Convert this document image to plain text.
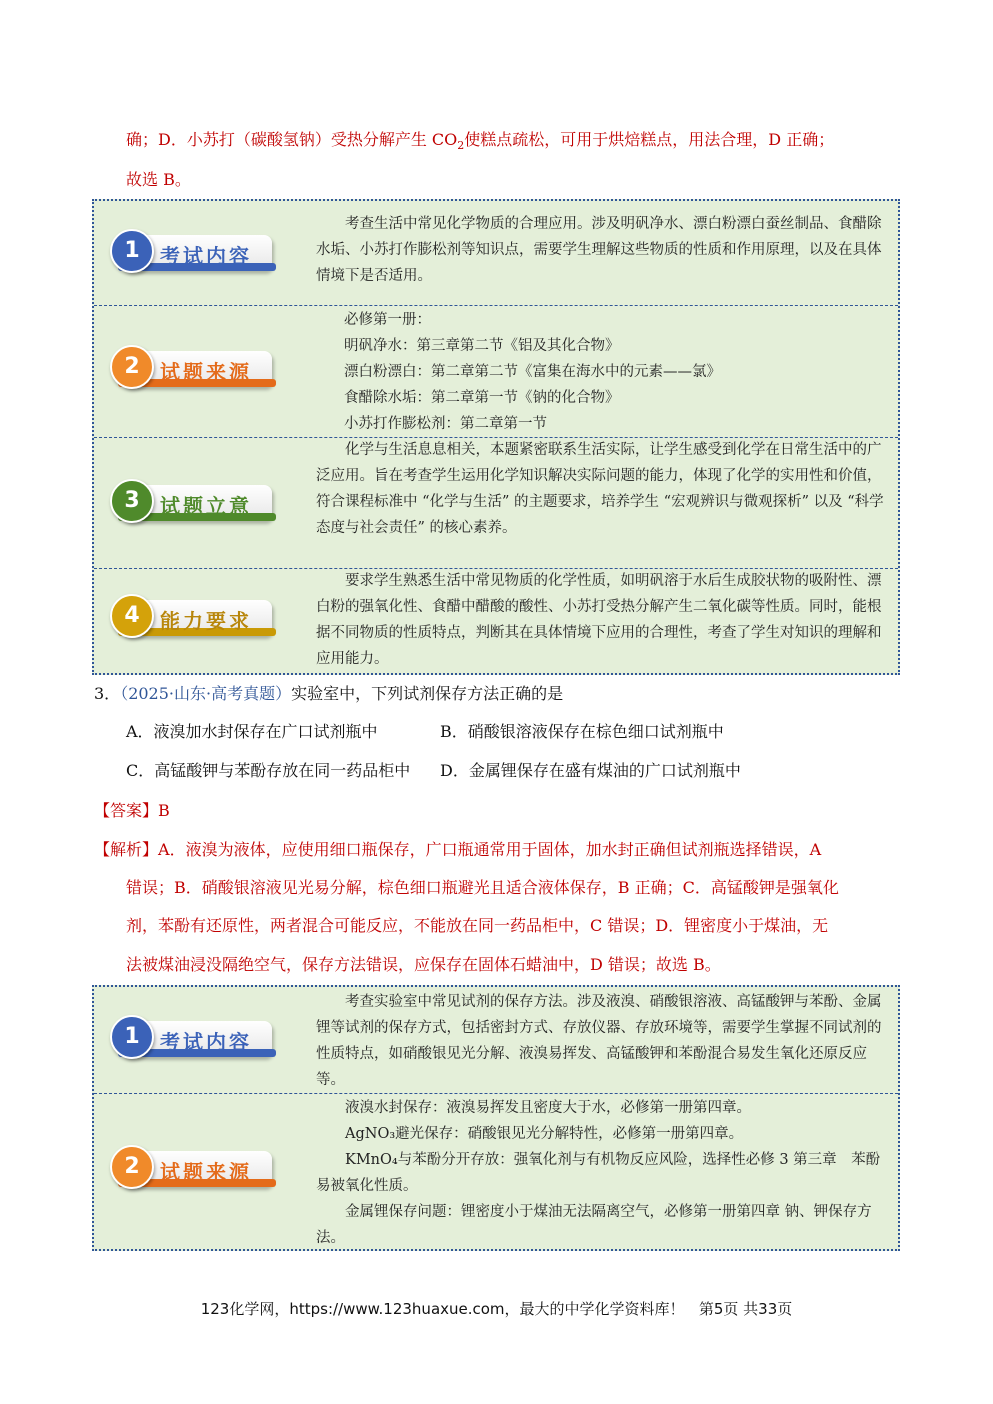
确；D．小苏打（碳酸氢钠）受热分解产生 $CO_2$使糕点疏松，可用于烘焙糕点，用法合理，D 正确；
故选 B。
1	考试内容

考查生活中常见化学物质的合理应用。涉及明矾净水、漂白粉漂白蚕丝制品、食醋除水垢、小苏打作膨松剂等知识点，需要学生理解这些物质的性质和作用原理，以及在具体情境下是否适用。

2	试题来源

必修第一册：

明矾净水：第三章第二节《铝及其化合物》

漂白粉漂白：第二章第二节《富集在海水中的元素——氯》

食醋除水垢：第二章第一节《钠的化合物》

小苏打作膨松剂：第二章第一节

3	试题立意

化学与生活息息相关，本题紧密联系生活实际，让学生感受到化学在日常生活中的广泛应用。旨在考查学生运用化学知识解决实际问题的能力，体现了化学的实用性和价值，符合课程标准中 “化学与生活” 的主题要求，培养学生 “宏观辨识与微观探析” 以及 “科学态度与社会责任” 的核心素养。

4	能力要求

要求学生熟悉生活中常见物质的化学性质，如明矾溶于水后生成胶状物的吸附性、漂白粉的强氧化性、食醋中醋酸的酸性、小苏打受热分解产生二氧化碳等性质。同时，能根据不同物质的性质特点，判断其在具体情境下应用的合理性，考查了学生对知识的理解和应用能力。

3．（2025·山东·高考真题）实验室中，下列试剂保存方法正确的是
A．液溴加水封保存在广口试剂瓶中	B．硝酸银溶液保存在棕色细口试剂瓶中
C．高锰酸钾与苯酚存放在同一药品柜中 D．金属锂保存在盛有煤油的广口试剂瓶中
【答案】B
【解析】A．液溴为液体，应使用细口瓶保存，广口瓶通常用于固体，加水封正确但试剂瓶选择错误，A
错误；B．硝酸银溶液见光易分解，棕色细口瓶避光且适合液体保存，B 正确；C．高锰酸钾是强氧化
剂，苯酚有还原性，两者混合可能反应，不能放在同一药品柜中，C 错误；D．锂密度小于煤油，无
法被煤油浸没隔绝空气，保存方法错误，应保存在固体石蜡油中，D 错误；故选 B。
1	考试内容

考查实验室中常见试剂的保存方法。涉及液溴、硝酸银溶液、高锰酸钾与苯酚、金属锂等试剂的保存方式，包括密封方式、存放仪器、存放环境等，需要学生掌握不同试剂的性质特点，如硝酸银见光分解、液溴易挥发、高锰酸钾和苯酚混合易发生氧化还原反应等。

2	试题来源

液溴水封保存：液溴易挥发且密度大于水，必修第一册第四章。

AgNO₃避光保存：硝酸银见光分解特性，必修第一册第四章。

KMnO₄与苯酚分开存放：强氧化剂与有机物反应风险，选择性必修 3 第三章　苯酚易被氧化性质。

金属锂保存问题：锂密度小于煤油无法隔离空气，必修第一册第四章 钠、钾保存方法。

123化学网，https://www.123huaxue.com，最大的中学化学资料库！ 第5页 共33页
